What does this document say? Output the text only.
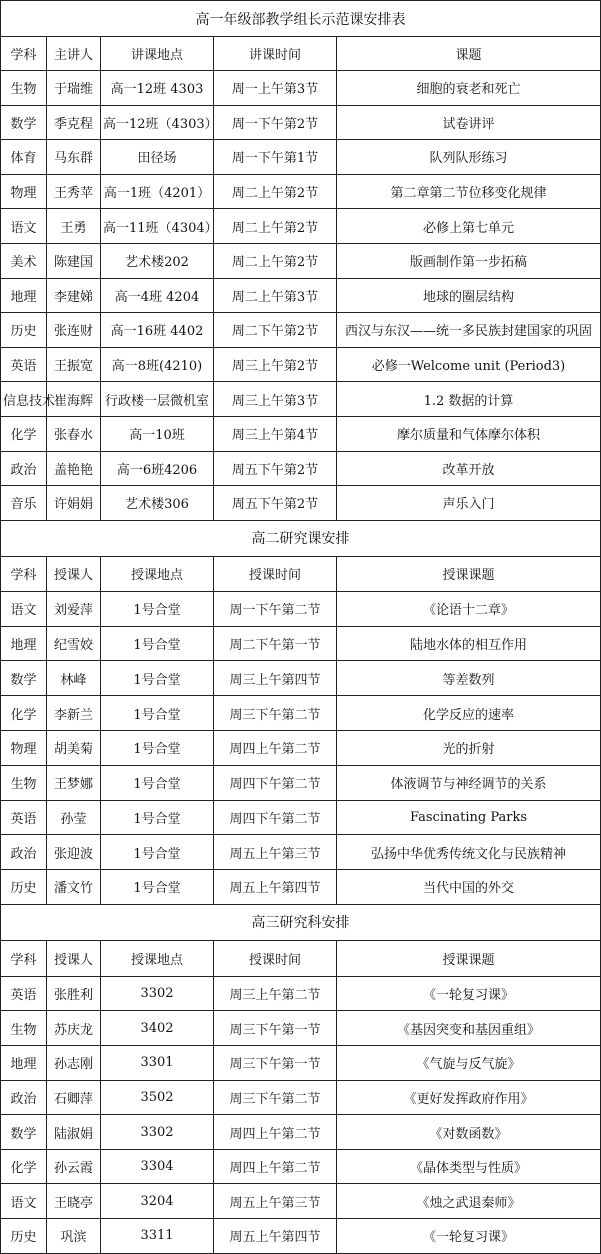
高一年级部教学组长示范课安排表				
学科	主讲人	讲课地点	讲课时间	课题
生物	于瑞维	高一12班 4303	周一上午第3节	细胞的衰老和死亡
数学	季克程	高一12班（4303）	周一下午第2节	试卷讲评
体育	马东群	田径场	周一下午第1节	队列队形练习
物理	王秀苹	高一1班（4201）	周二上午第2节	第二章第二节位移变化规律
语文	王勇	高一11班（4304）	周二上午第2节	必修上第七单元
美术	陈建国	艺术楼202	周二上午第2节	版画制作第一步拓稿
地理	李建娣	高一4班 4204	周二上午第3节	地球的圈层结构
历史	张连财	高一16班 4402	周二下午第2节	西汉与东汉——统一多民族封建国家的巩固
英语	王振宽	高一8班(4210)	周三上午第2节	必修一Welcome unit (Period3)
信息技术	崔海辉	行政楼一层微机室	周三上午第3节	1.2 数据的计算
化学	张春水	高一10班	周三上午第4节	摩尔质量和气体摩尔体积
政治	盖艳艳	高一6班4206	周五下午第2节	改革开放
音乐	许娟娟	艺术楼306	周五下午第2节	声乐入门
高二研究课安排				
学科	授课人	授课地点	授课时间	授课课题
语文	刘爱萍	1号合堂	周一下午第二节	《论语十二章》
地理	纪雪姣	1号合堂	周二下午第一节	陆地水体的相互作用
数学	林峰	1号合堂	周三上午第四节	等差数列
化学	李新兰	1号合堂	周三下午第二节	化学反应的速率
物理	胡美菊	1号合堂	周四上午第二节	光的折射
生物	王梦娜	1号合堂	周四下午第二节	体液调节与神经调节的关系
英语	孙莹	1号合堂	周四下午第二节	Fascinating Parks
政治	张迎波	1号合堂	周五上午第三节	弘扬中华优秀传统文化与民族精神
历史	潘文竹	1号合堂	周五上午第四节	当代中国的外交
高三研究科安排				
学科	授课人	授课地点	授课时间	授课课题
英语	张胜利	3302	周三上午第二节	《一轮复习课》
生物	苏庆龙	3402	周三下午第一节	《基因突变和基因重组》
地理	孙志刚	3301	周三下午第一节	《气旋与反气旋》
政治	石卿萍	3502	周三下午第二节	《更好发挥政府作用》
数学	陆淑娟	3302	周四上午第二节	《对数函数》
化学	孙云霞	3304	周四上午第二节	《晶体类型与性质》
语文	王晓亭	3204	周五上午第三节	《烛之武退秦师》
历史	巩滨	3311	周五上午第四节	《一轮复习课》
